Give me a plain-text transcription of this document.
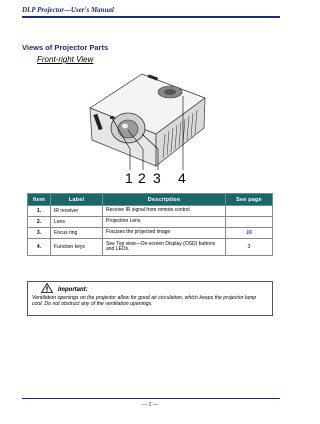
DLP Projector—User's Manual
Views of Projector Parts
Front-right View
1 2 3 4
Item	Label	Description	See page
1.	IR receiver	Receive IR signal from remote control	
2.	Lens	Projection Lens	
3.	Focus ring	Focuses the projected image	16
4.	Function keys	See Top view—On-screen Display (OSD) buttons and LEDs.	3
Important:
Ventilation openings on the projector allow for good air circulation, which keeps the projector lamp cool. Do not obstruct any of the ventilation openings.
— 2 —
